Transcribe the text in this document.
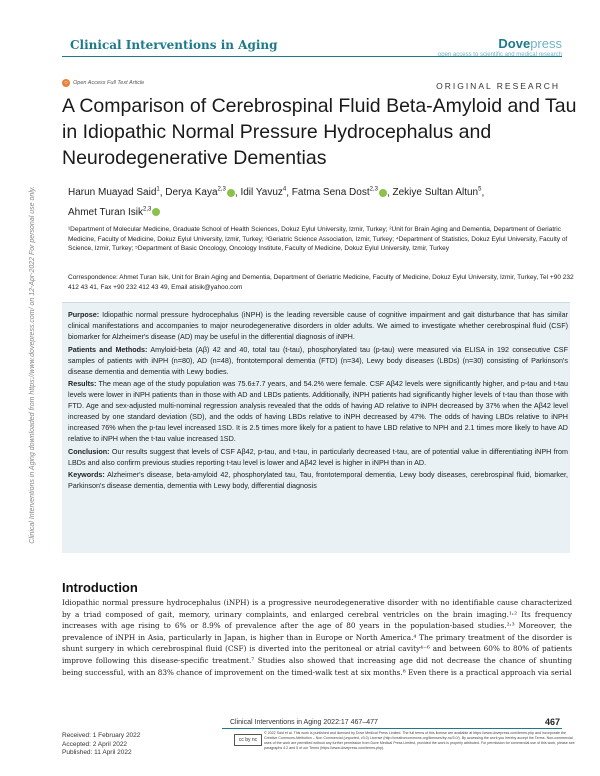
Clinical Interventions in Aging	Dovepress
open access to scientific and medical research
○ Open Access Full Text Article	ORIGINAL RESEARCH
A Comparison of Cerebrospinal Fluid Beta-Amyloid and Tau in Idiopathic Normal Pressure Hydrocephalus and Neurodegenerative Dementias
Harun Muayad Said$^1$, Derya Kaya$^{2,3}$ , Idil Yavuz$^4$, Fatma Sena Dost$^{2,3}$ , Zekiye Sultan Altun$^5$,
Ahmet Turan Isik$^{2,3}$
¹Department of Molecular Medicine, Graduate School of Health Sciences, Dokuz Eylul University, Izmir, Turkey; ²Unit for Brain Aging and Dementia, Department of Geriatric Medicine, Faculty of Medicine, Dokuz Eylul University, Izmir, Turkey; ³Geriatric Science Association, Izmir, Turkey; ⁴Department of Statistics, Dokuz Eylul University, Faculty of Science, Izmir, Turkey; ⁵Department of Basic Oncology, Oncology Institute, Faculty of Medicine, Dokuz Eylul University, Izmir, Turkey
Correspondence: Ahmet Turan Isik, Unit for Brain Aging and Dementia, Department of Geriatric Medicine, Faculty of Medicine, Dokuz Eylul University, Izmir, Turkey, Tel +90 232 412 43 41, Fax +90 232 412 43 49, Email atisik@yahoo.com

Purpose: Idiopathic normal pressure hydrocephalus (iNPH) is the leading reversible cause of cognitive impairment and gait disturbance that has similar clinical manifestations and accompanies to major neurodegenerative disorders in older adults. We aimed to investigate whether cerebrospinal fluid (CSF) biomarker for Alzheimer's disease (AD) may be useful in the differential diagnosis of iNPH.

Patients and Methods: Amyloid-beta (Aβ) 42 and 40, total tau (t-tau), phosphorylated tau (p-tau) were measured via ELISA in 192 consecutive CSF samples of patients with iNPH (n=80), AD (n=48), frontotemporal dementia (FTD) (n=34), Lewy body diseases (LBDs) (n=30) consisting of Parkinson's disease dementia and dementia with Lewy bodies.

Results: The mean age of the study population was 75.6±7.7 years, and 54.2% were female. CSF Aβ42 levels were significantly higher, and p-tau and t-tau levels were lower in iNPH patients than in those with AD and LBDs patients. Additionally, iNPH patients had significantly higher levels of t-tau than those with FTD. Age and sex-adjusted multi-nominal regression analysis revealed that the odds of having AD relative to iNPH decreased by 37% when the Aβ42 level increased by one standard deviation (SD), and the odds of having LBDs relative to iNPH decreased by 47%. The odds of having LBDs relative to iNPH increased 76% when the p-tau level increased 1SD. It is 2.5 times more likely for a patient to have LBD relative to NPH and 2.1 times more likely to have AD relative to iNPH when the t-tau value increased 1SD.

Conclusion: Our results suggest that levels of CSF Aβ42, p-tau, and t-tau, in particularly decreased t-tau, are of potential value in differentiating iNPH from LBDs and also confirm previous studies reporting t-tau level is lower and Aβ42 level is higher in iNPH than in AD.

Keywords: Alzheimer's disease, beta-amyloid 42, phosphorylated tau, Tau, frontotemporal dementia, Lewy body diseases, cerebrospinal fluid, biomarker, Parkinson's disease dementia, dementia with Lewy body, differential diagnosis

Introduction
Idiopathic normal pressure hydrocephalus (iNPH) is a progressive neurodegenerative disorder with no identifiable cause characterized by a triad composed of gait, memory, urinary complaints, and enlarged cerebral ventricles on the brain imaging.¹˒² Its frequency increases with age rising to 6% or 8.9% of prevalence after the age of 80 years in the population-based studies.²˒³ Moreover, the prevalence of iNPH in Asia, particularly in Japan, is higher than in Europe or North America.⁴ The primary treatment of the disorder is shunt surgery in which cerebrospinal fluid (CSF) is diverted into the peritoneal or atrial cavity⁴⁻⁶ and between 60% to 80% of patients improve following this disease-specific treatment.⁷ Studies also showed that increasing age did not decrease the chance of shunting being successful, with an 83% chance of improvement on the timed-walk test at six months.⁸ Even there is a practical approach via serial
Clinical Interventions in Aging downloaded from https://www.dovepress.com/ on 12-Apr-2022 For personal use only.
Clinical Interventions in Aging 2022:17 467–477	467
Received: 1 February 2022
Accepted: 2 April 2022
Published: 11 April 2022
cc by nc
© 2022 Said et al. This work is published and licensed by Dove Medical Press Limited. The full terms of this license are available at https://www.dovepress.com/terms.php and incorporate the Creative Commons Attribution – Non Commercial (unported, v3.0) License (http://creativecommons.org/licenses/by-nc/3.0/). By accessing the work you hereby accept the Terms. Non-commercial uses of the work are permitted without any further permission from Dove Medical Press Limited, provided the work is properly attributed. For permission for commercial use of this work, please see paragraphs 4.2 and 5 of our Terms (https://www.dovepress.com/terms.php).
